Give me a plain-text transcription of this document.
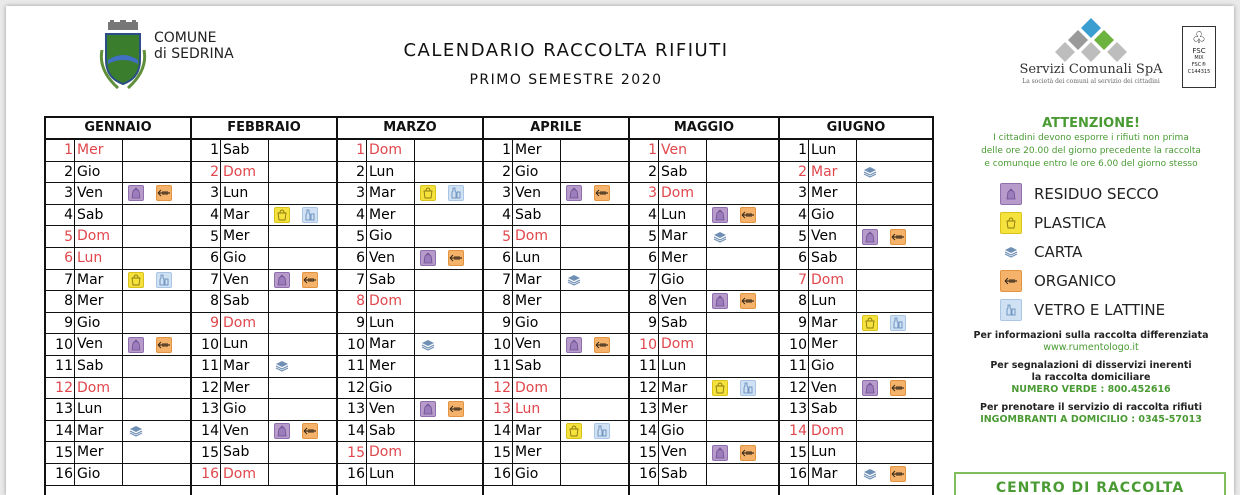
COMUNE
di SEDRINA	CALENDARIO RACCOLTA RIFIUTI
PRIMO SEMESTRE 2020
Servizi Comunali SpA
La società dei comuni al servizio dei cittadini
♧
FSC
MIX
FSC® C144315
GENNAIO
1 Mer
2 Gio
3 Ven
4 Sab
5 Dom
6 Lun
7 Mar
8 Mer
9 Gio
10 Ven
11 Sab
12 Dom
13 Lun
14 Mar
15 Mer
16 Gio
FEBBRAIO
1 Sab
2 Dom
3 Lun
4 Mar
5 Mer
6 Gio
7 Ven
8 Sab
9 Dom
10 Lun
11 Mar
12 Mer
13 Gio
14 Ven
15 Sab
16 Dom
MARZO
1 Dom
2 Lun
3 Mar
4 Mer
5 Gio
6 Ven
7 Sab
8 Dom
9 Lun
10 Mar
11 Mer
12 Gio
13 Ven
14 Sab
15 Dom
16 Lun
APRILE
1 Mer
2 Gio
3 Ven
4 Sab
5 Dom
6 Lun
7 Mar
8 Mer
9 Gio
10 Ven
11 Sab
12 Dom
13 Lun
14 Mar
15 Mer
16 Gio
MAGGIO
1 Ven
2 Sab
3 Dom
4 Lun
5 Mar
6 Mer
7 Gio
8 Ven
9 Sab
10 Dom
11 Lun
12 Mar
13 Mer
14 Gio
15 Ven
16 Sab
GIUGNO
1 Lun
2 Mar
3 Mer
4 Gio
5 Ven
6 Sab
7 Dom
8 Lun
9 Mar
10 Mer
11 Gio
12 Ven
13 Sab
14 Dom
15 Lun
16 Mar
ATTENZIONE!
I cittadini devono esporre i rifiuti non prima
delle ore 20.00 del giorno precedente la raccolta
e comunque entro le ore 6.00 del giorno stesso
RESIDUO SECCO
PLASTICA
CARTA
ORGANICO
VETRO E LATTINE
Per informazioni sulla raccolta differenziata
www.rumentologo.it
Per segnalazioni di disservizi inerenti
la raccolta domiciliare
NUMERO VERDE : 800.452616
Per prenotare il servizio di raccolta rifiuti
INGOMBRANTI A DOMICILIO : 0345-57013
CENTRO DI RACCOLTA
